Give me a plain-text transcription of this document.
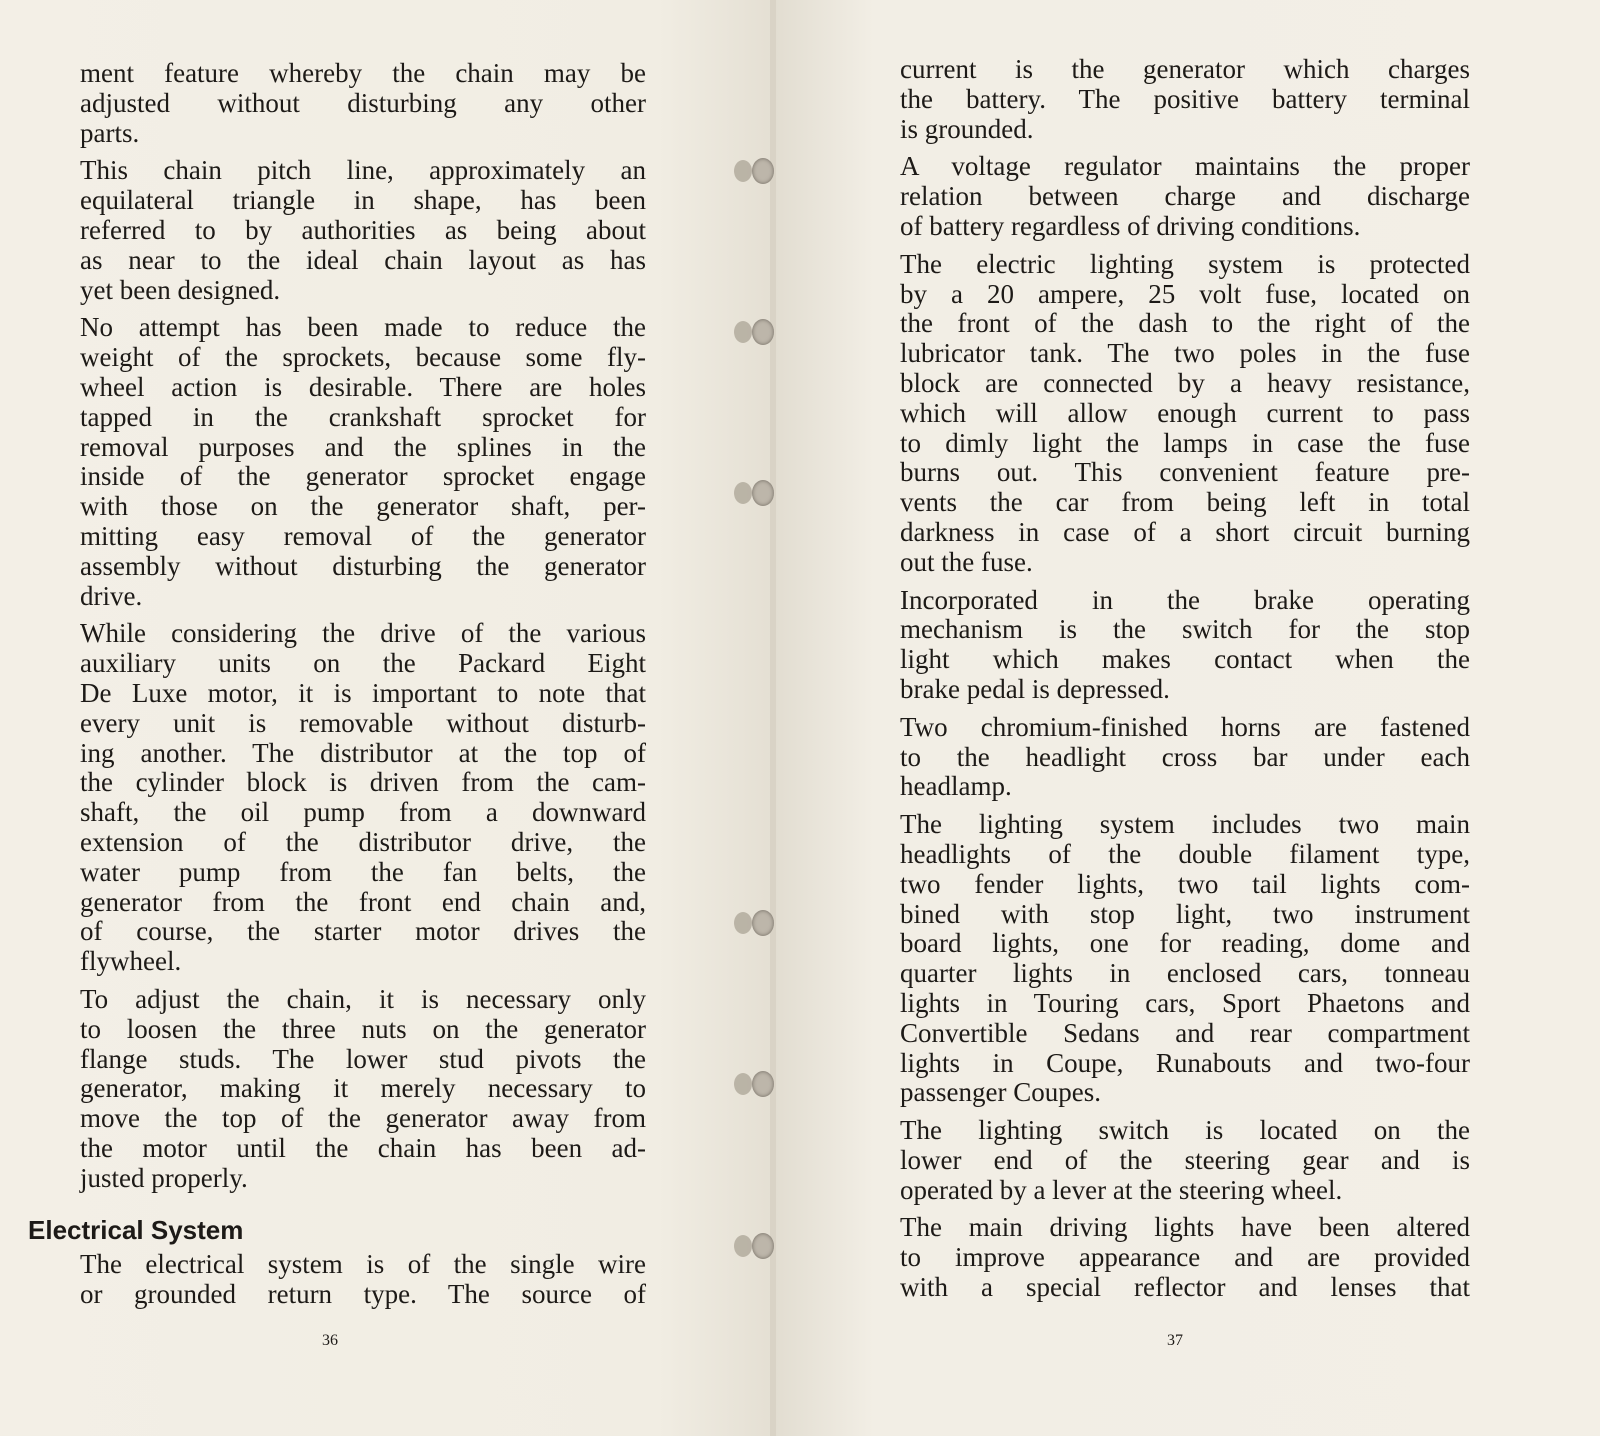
ment feature whereby the chain may be
adjusted without disturbing any other
parts.
This chain pitch line, approximately an
equilateral triangle in shape, has been
referred to by authorities as being about
as near to the ideal chain layout as has
yet been designed.
No attempt has been made to reduce the
weight of the sprockets, because some fly-
wheel action is desirable. There are holes
tapped in the crankshaft sprocket for
removal purposes and the splines in the
inside of the generator sprocket engage
with those on the generator shaft, per-
mitting easy removal of the generator
assembly without disturbing the generator
drive.
While considering the drive of the various
auxiliary units on the Packard Eight
De Luxe motor, it is important to note that
every unit is removable without disturb-
ing another. The distributor at the top of
the cylinder block is driven from the cam-
shaft, the oil pump from a downward
extension of the distributor drive, the
water pump from the fan belts, the
generator from the front end chain and,
of course, the starter motor drives the
flywheel.
To adjust the chain, it is necessary only
to loosen the three nuts on the generator
flange studs. The lower stud pivots the
generator, making it merely necessary to
move the top of the generator away from
the motor until the chain has been ad-
justed properly.
Electrical System
The electrical system is of the single wire
or grounded return type. The source of
36
current is the generator which charges
the battery. The positive battery terminal
is grounded.
A voltage regulator maintains the proper
relation between charge and discharge
of battery regardless of driving conditions.
The electric lighting system is protected
by a 20 ampere, 25 volt fuse, located on
the front of the dash to the right of the
lubricator tank. The two poles in the fuse
block are connected by a heavy resistance,
which will allow enough current to pass
to dimly light the lamps in case the fuse
burns out. This convenient feature pre-
vents the car from being left in total
darkness in case of a short circuit burning
out the fuse.
Incorporated in the brake operating
mechanism is the switch for the stop
light which makes contact when the
brake pedal is depressed.
Two chromium-finished horns are fastened
to the headlight cross bar under each
headlamp.
The lighting system includes two main
headlights of the double filament type,
two fender lights, two tail lights com-
bined with stop light, two instrument
board lights, one for reading, dome and
quarter lights in enclosed cars, tonneau
lights in Touring cars, Sport Phaetons and
Convertible Sedans and rear compartment
lights in Coupe, Runabouts and two-four
passenger Coupes.
The lighting switch is located on the
lower end of the steering gear and is
operated by a lever at the steering wheel.
The main driving lights have been altered
to improve appearance and are provided
with a special reflector and lenses that
37
